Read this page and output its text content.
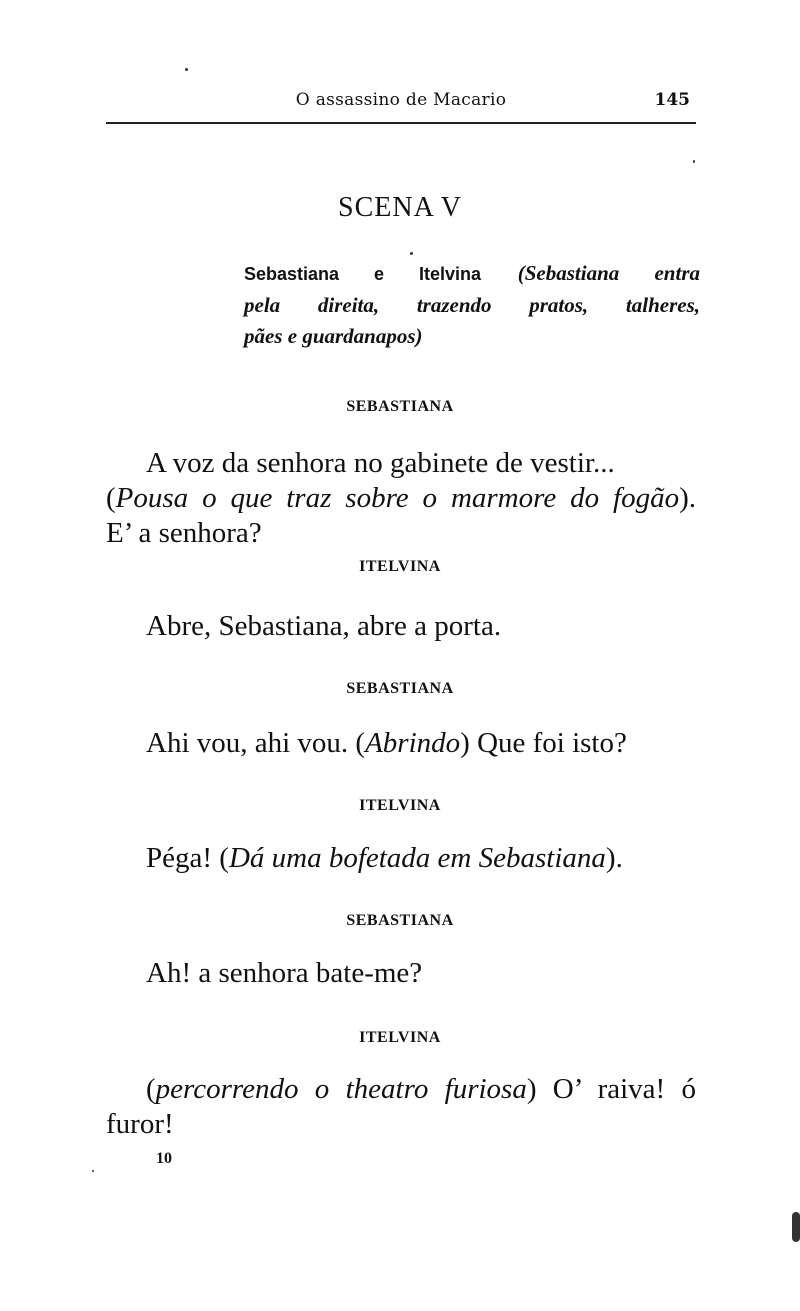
O assassino de Macario	145
SCENA V
Sebastiana e Itelvina (Sebastiana entra
pela direita, trazendo pratos, talheres,
pães e guardanapos)
SEBASTIANA
A voz da senhora no gabinete de vestir...
(Pousa o que traz sobre o marmore do fogão).
E’ a senhora?
ITELVINA
Abre, Sebastiana, abre a porta.
SEBASTIANA
Ahi vou, ahi vou. (Abrindo) Que foi isto?
ITELVINA
Péga! (Dá uma bofetada em Sebastiana).
SEBASTIANA
Ah! a senhora bate-me?
ITELVINA
(percorrendo o theatro furiosa) O’ raiva! ó
furor!
10
